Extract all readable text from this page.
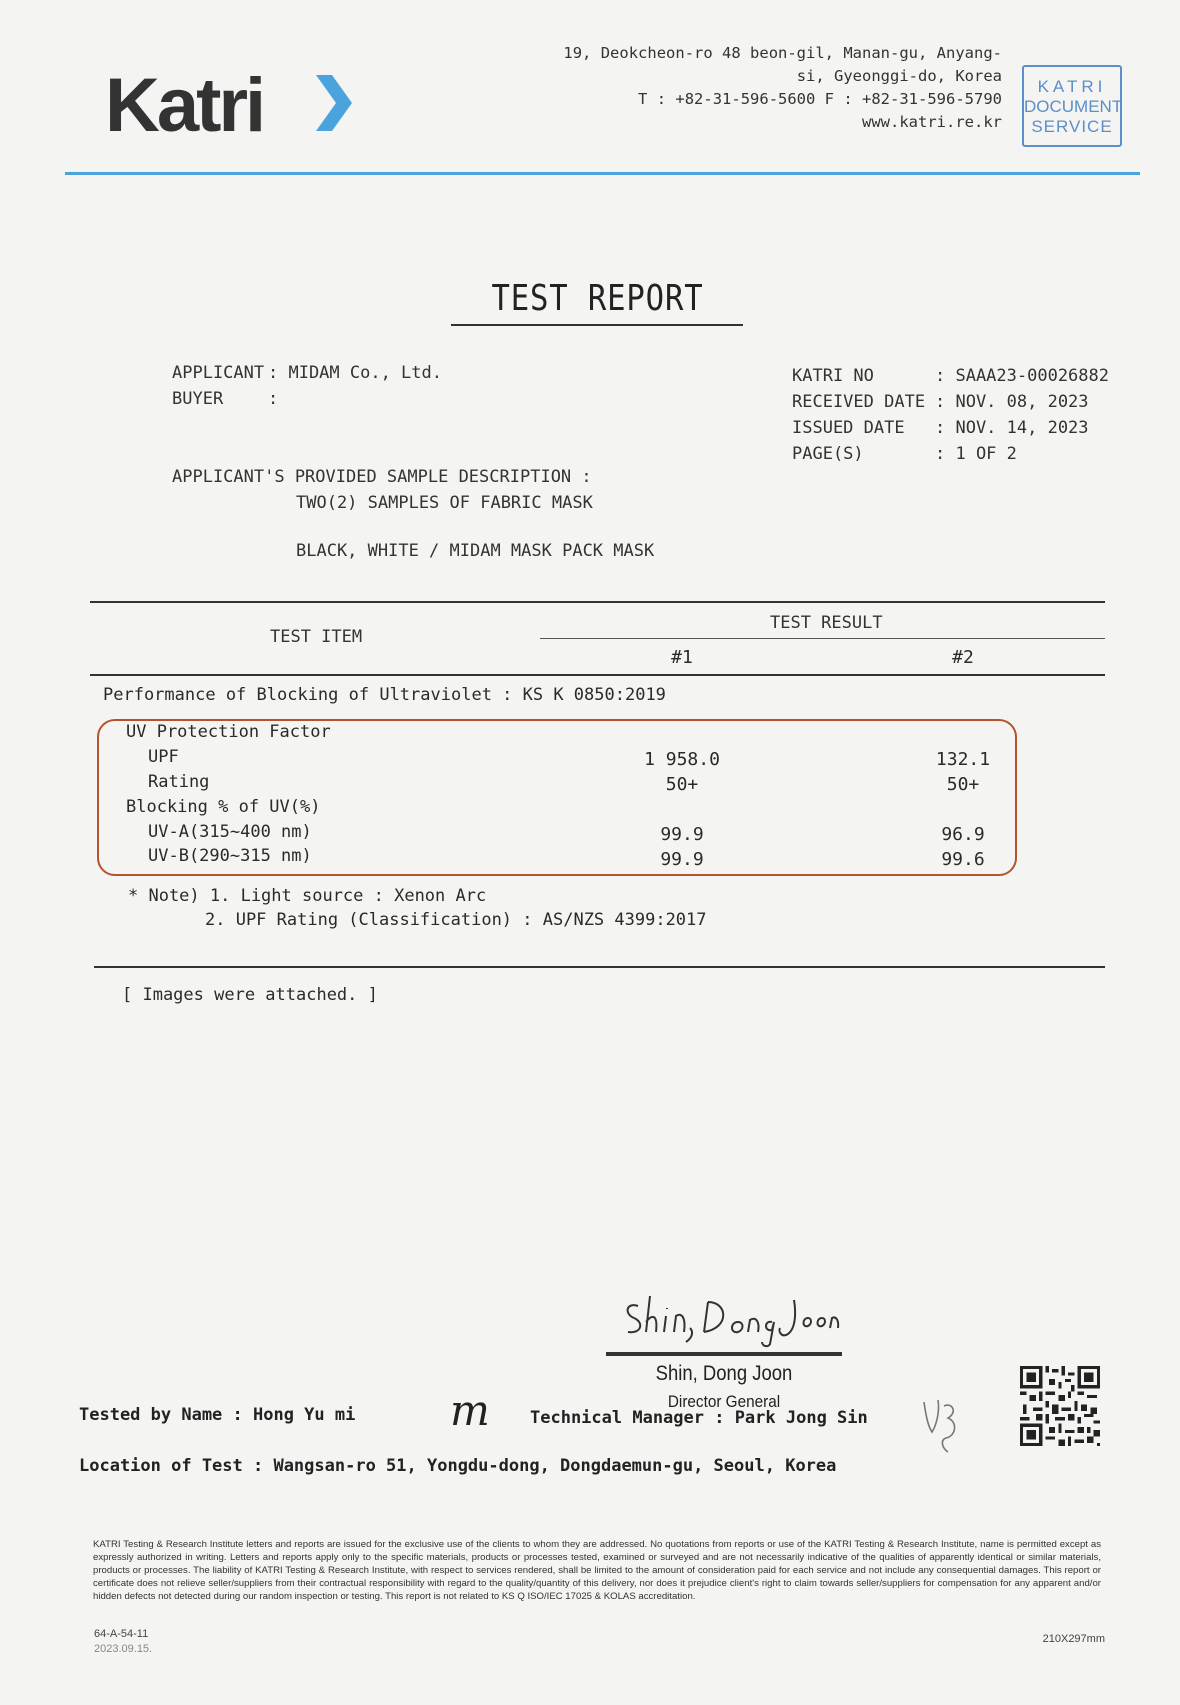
Katri
19, Deokcheon-ro 48 beon-gil, Manan-gu, Anyang-
si, Gyeonggi-do, Korea
T : +82-31-596-5600 F : +82-31-596-5790
www.katri.re.kr
KATRI
DOCUMENT
SERVICE
TEST REPORT
APPLICANT : MIDAM Co., Ltd.
BUYER	:
KATRI NO	: SAAA23-00026882
RECEIVED DATE : NOV. 08, 2023
ISSUED DATE : NOV. 14, 2023
PAGE(S)	: 1 OF 2
APPLICANT'S PROVIDED SAMPLE DESCRIPTION :
TWO(2) SAMPLES OF FABRIC MASK
BLACK, WHITE / MIDAM MASK PACK MASK
TEST ITEM
TEST RESULT
#1	#2
Performance of Blocking of Ultraviolet : KS K 0850:2019
UV Protection Factor
UPF	1 958.0	132.1
Rating	50+	50+
Blocking % of UV(%)
UV-A(315~400 nm)	99.9	96.9
UV-B(290~315 nm)	99.9	99.6
* Note) 1. Light source : Xenon Arc
2. UPF Rating (Classification) : AS/NZS 4399:2017
[ Images were attached. ]
Shin, Dong Joon
Director General
Tested by Name : Hong Yu mi m Technical Manager : Park Jong Sin
Location of Test : Wangsan-ro 51, Yongdu-dong, Dongdaemun-gu, Seoul, Korea
KATRI Testing & Research Institute letters and reports are issued for the exclusive use of the clients to whom they are addressed. No quotations from reports or use of the KATRI Testing & Research Institute, name is permitted except as expressly authorized in writing. Letters and reports apply only to the specific materials, products or processes tested, examined or surveyed and are not necessarily indicative of the qualities of apparently identical or similar materials, products or processes. The liability of KATRI Testing & Research Institute, with respect to services rendered, shall be limited to the amount of consideration paid for each service and not include any consequential damages. This report or certificate does not relieve seller/suppliers from their contractual responsibility with regard to the quality/quantity of this delivery, nor does it prejudice client's right to claim towards seller/suppliers for compensation for any apparent and/or hidden defects not detected during our random inspection or testing. This report is not related to KS Q ISO/IEC 17025 & KOLAS accreditation.
64-A-54-11
2023.09.15.
210X297mm
